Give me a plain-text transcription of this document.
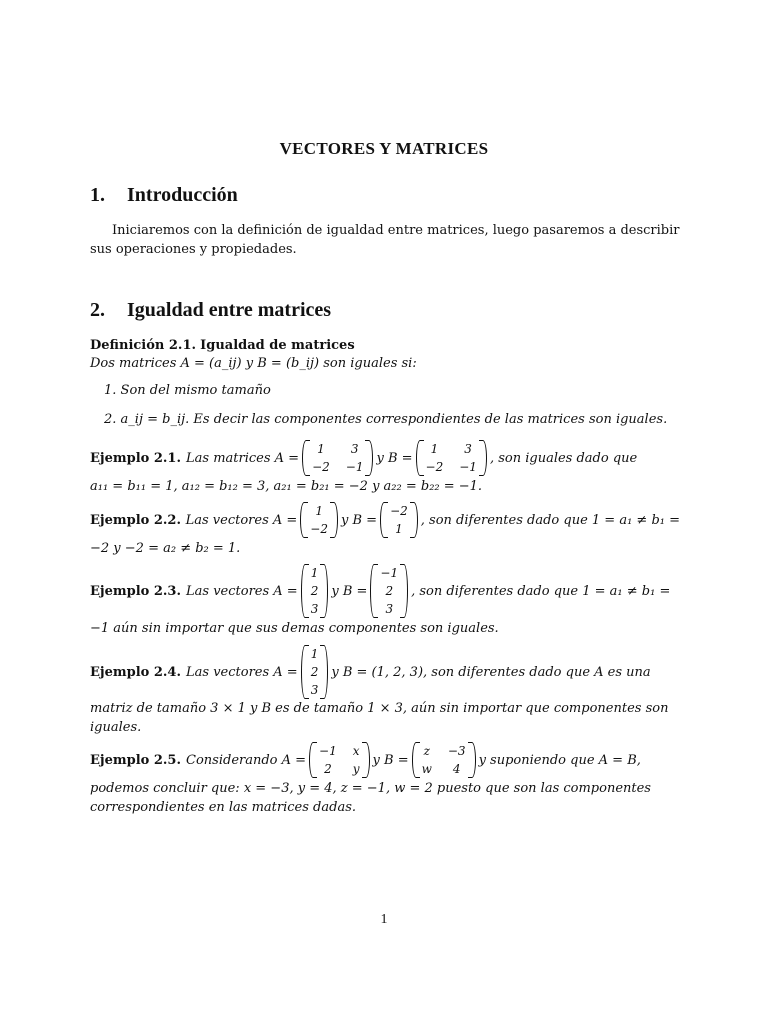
VECTORES Y MATRICES
1. Introducción
Iniciaremos con la definición de igualdad entre matrices, luego pasaremos a describir
sus operaciones y propiedades.
2. Igualdad entre matrices
Definición 2.1. Igualdad de matrices
Dos matrices A = (a_ij) y B = (b_ij) son iguales si:
1. Son del mismo tamaño
2. a_ij = b_ij. Es decir las componentes correspondientes de las matrices son iguales.
Ejemplo 2.1. Las matrices A =
1	3
−2 −1
y B =
1	3
−2 −1
, son iguales dado que
a₁₁ = b₁₁ = 1, a₁₂ = b₁₂ = 3, a₂₁ = b₂₁ = −2 y a₂₂ = b₂₂ = −1.
Ejemplo 2.2. Las vectores A =
1
−2
y B =
−2
1
, son diferentes dado que 1 = a₁ ≠ b₁ =
−2 y −2 = a₂ ≠ b₂ = 1.
Ejemplo 2.3. Las vectores A =
1
2
3
y B =
−1
2
3
, son diferentes dado que 1 = a₁ ≠ b₁ =
−1 aún sin importar que sus demas componentes son iguales.
Ejemplo 2.4. Las vectores A =
1
2
3
y B = (1, 2, 3), son diferentes dado que A es una
matriz de tamaño 3 × 1 y B es de tamaño 1 × 3, aún sin importar que componentes son
iguales.
Ejemplo 2.5. Considerando A =
−1 x
2	y
y B =
z −3
w	4
y suponiendo que A = B,
podemos concluir que: x = −3, y = 4, z = −1, w = 2 puesto que son las componentes
correspondientes en las matrices dadas.
1
